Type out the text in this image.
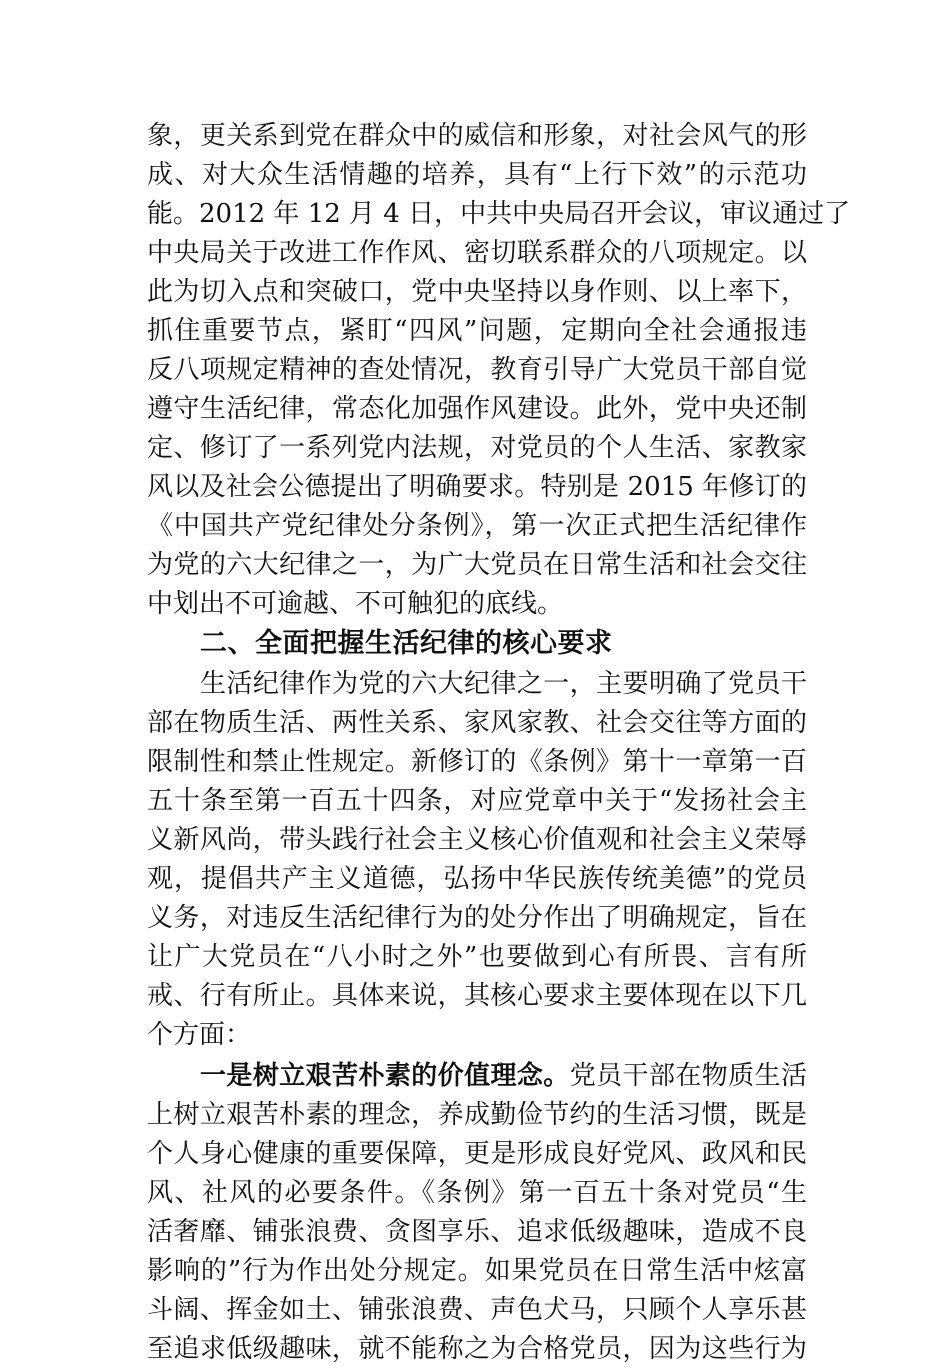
象，更关系到党在群众中的威信和形象，对社会风气的形
成、对大众生活情趣的培养，具有“上行下效”的示范功
能。2012 年 12 月 4 日，中共中央局召开会议，审议通过了
中央局关于改进工作作风、密切联系群众的八项规定。以
此为切入点和突破口，党中央坚持以身作则、以上率下，
抓住重要节点，紧盯“四风”问题，定期向全社会通报违
反八项规定精神的查处情况，教育引导广大党员干部自觉
遵守生活纪律，常态化加强作风建设。此外，党中央还制
定、修订了一系列党内法规，对党员的个人生活、家教家
风以及社会公德提出了明确要求。特别是 2015 年修订的
《中国共产党纪律处分条例》，第一次正式把生活纪律作
为党的六大纪律之一，为广大党员在日常生活和社会交往
中划出不可逾越、不可触犯的底线。
二、全面把握生活纪律的核心要求
生活纪律作为党的六大纪律之一，主要明确了党员干
部在物质生活、两性关系、家风家教、社会交往等方面的
限制性和禁止性规定。新修订的《条例》第十一章第一百
五十条至第一百五十四条，对应党章中关于“发扬社会主
义新风尚，带头践行社会主义核心价值观和社会主义荣辱
观，提倡共产主义道德，弘扬中华民族传统美德”的党员
义务，对违反生活纪律行为的处分作出了明确规定，旨在
让广大党员在“八小时之外”也要做到心有所畏、言有所
戒、行有所止。具体来说，其核心要求主要体现在以下几
个方面：
一是树立艰苦朴素的价值理念。党员干部在物质生活
上树立艰苦朴素的理念，养成勤俭节约的生活习惯，既是
个人身心健康的重要保障，更是形成良好党风、政风和民
风、社风的必要条件。《条例》第一百五十条对党员“生
活奢靡、铺张浪费、贪图享乐、追求低级趣味，造成不良
影响的”行为作出处分规定。如果党员在日常生活中炫富
斗阔、挥金如土、铺张浪费、声色犬马，只顾个人享乐甚
至追求低级趣味，就不能称之为合格党员，因为这些行为
